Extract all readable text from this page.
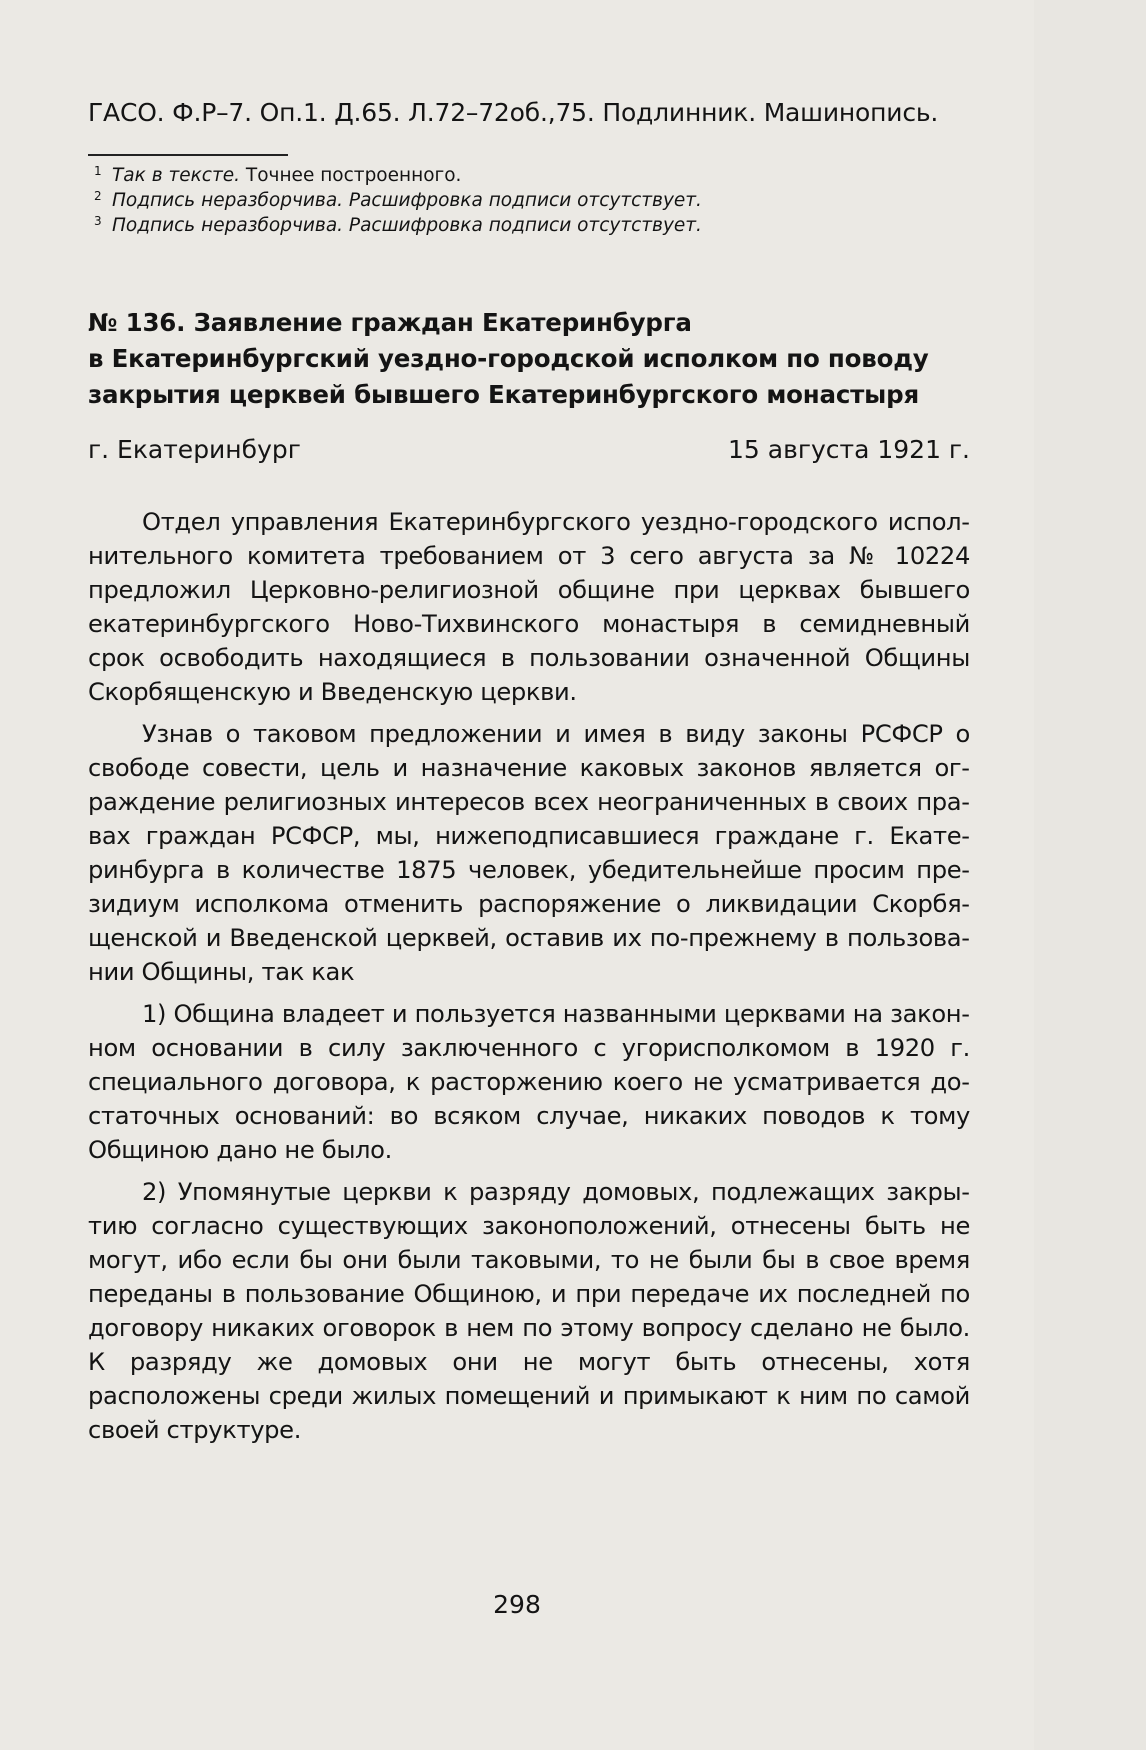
ГАСО. Ф.Р–7. Оп.1. Д.65. Л.72–72об.,75. Подлинник. Машинопись.
1 Так в тексте. Точнее построенного.
2 Подпись неразборчива. Расшифровка подписи отсутствует.
3 Подпись неразборчива. Расшифровка подписи отсутствует.
№ 136. Заявление граждан Екатеринбурга
в Екатеринбургский уездно-городской исполком по поводу
закрытия церквей бывшего Екатеринбургского монастыря
г. Екатеринбург	15 августа 1921 г.

Отдел управления Екатеринбургского уездно-городского исполнительного комитета требованием от 3 сего августа за № 10224 предложил Церковно-религиозной общине при церквах бывшего екатеринбургского Ново-Тихвинского монастыря в семидневный срок освободить находящиеся в пользовании означенной Общины Скорбященскую и Введенскую церкви.

Узнав о таковом предложении и имея в виду законы РСФСР о свободе совести, цель и назначение каковых законов является ограждение религиозных интересов всех неограниченных в своих правах граждан РСФСР, мы, нижеподписавшиеся граждане г. Екатеринбурга в количестве 1875 человек, убедительнейше просим президиум исполкома отменить распоряжение о ликвидации Скорбященской и Введенской церквей, оставив их по-прежнему в пользовании Общины, так как

1) Община владеет и пользуется названными церквами на законном основании в силу заключенного с угорисполкомом в 1920 г. специального договора, к расторжению коего не усматривается достаточных оснований: во всяком случае, никаких поводов к тому Общиною дано не было.

2) Упомянутые церкви к разряду домовых, подлежащих закрытию согласно существующих законоположений, отнесены быть не могут, ибо если бы они были таковыми, то не были бы в свое время переданы в пользование Общиною, и при передаче их последней по договору никаких оговорок в нем по этому вопросу сделано не было. К разряду же домовых они не могут быть отнесены, хотя расположены среди жилых помещений и примыкают к ним по самой своей структуре.

298
